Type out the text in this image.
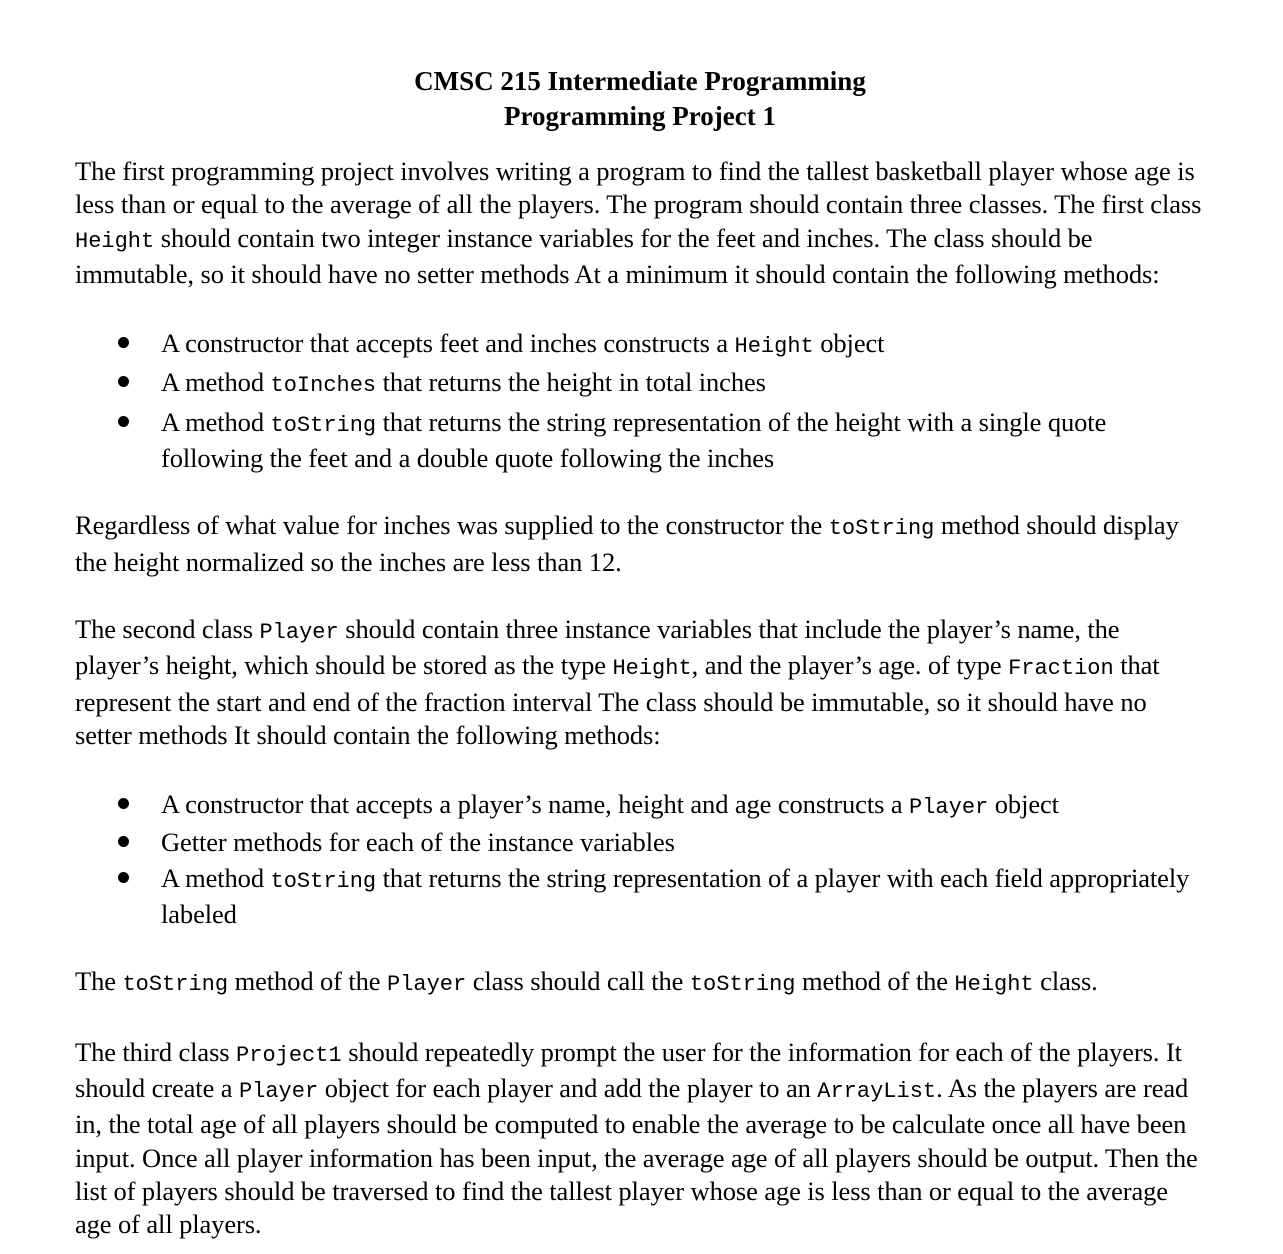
CMSC 215 Intermediate Programming
Programming Project 1

The first programming project involves writing a program to find the tallest basketball player whose age is less than or equal to the average of all the players. The program should contain three classes. The first class Height should contain two integer instance variables for the feet and inches. The class should be immutable, so it should have no setter methods At a minimum it should contain the following methods:

A constructor that accepts feet and inches constructs a Height object
A method toInches that returns the height in total inches
A method toString that returns the string representation of the height with a single quote following the feet and a double quote following the inches

Regardless of what value for inches was supplied to the constructor the toString method should display the height normalized so the inches are less than 12.

The second class Player should contain three instance variables that include the player’s name, the player’s height, which should be stored as the type Height, and the player’s age. of type Fraction that represent the start and end of the fraction interval The class should be immutable, so it should have no setter methods It should contain the following methods:

A constructor that accepts a player’s name, height and age constructs a Player object
Getter methods for each of the instance variables
A method toString that returns the string representation of a player with each field appropriately labeled

The toString method of the Player class should call the toString method of the Height class.

The third class Project1 should repeatedly prompt the user for the information for each of the players. It should create a Player object for each player and add the player to an ArrayList. As the players are read in, the total age of all players should be computed to enable the average to be calculate once all have been input. Once all player information has been input, the average age of all players should be output. Then the list of players should be traversed to find the tallest player whose age is less than or equal to the average age of all players.
